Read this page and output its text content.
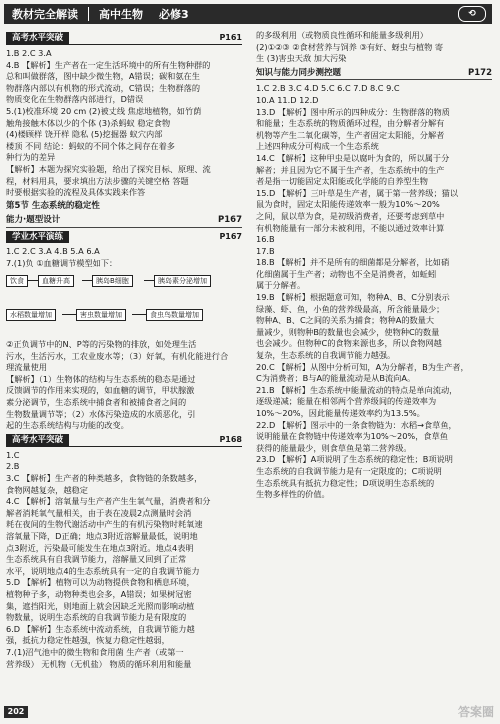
教材完全解读 高中生物 必修3	⟲
高考水平突破	P161

1.B 2.C 3.A

4.B 【解析】生产者在一定生活环境中的所有生物种群的

总和叫做群落，图中缺少微生物，A错误；碳和氨在生

物群落内部以有机物的形式流动，C错误；生物群落的

物质变化在生物群落内部进行，D错误

5.(1)校准环境 20 cm (2)被丈线 焦虑地植物，如竹荫

触角接触木体以少的个体 (3)杀蚂蚁 稳定食物

(4)楼顾样 饶开样 隐私 (5)挖掘器 蚁穴内部

楼顶 不同 结论：蚂蚁的不同个体之间存在着多

种行为的差异

【解析】本题为探究实验题，给出了探究目标、原理、流

程，材料用具，要求填出方法步骤的关键空格 答题

时要根据实验的流程及具体实践来作答

第5节 生态系统的稳定性
能力·题型设计	P167
学业水平演练	P167

1.C 2.C 3.A 4.B 5.A 6.A

7.(1)负 ①血糖调节模型如下：

饮食	血糖升高	胰岛B细胞	胰岛素分泌增加
水稻数量增加	害虫数量增加	食虫鸟数量增加

②正负调节中的N、P等的污染物的排放，如处理生活

污水，生活污水，工农业废水等；（3）好氧，有机化能进行合

理流量使用

【解析】（1）生物体的结构与生态系统的稳态是通过

反馈调节的作用来实现的，如血糖的调节，甲状腺激

素分泌调节，生态系统中捕食者和被捕食者之间的

生物数量调节等；（2）水体污染造成的水质恶化，引

起的生态系统结构与功能的改变。

高考水平突破	P168

1.C

2.B

3.C 【解析】生产者的种类越多，食物链的条数越多，

食物网越复杂，越稳定

4.C 【解析】溶氧量与生产者产生生氧气量，消费者和分

解者消耗氧气量相关，由于表在凌晨2点测量时会消

耗在夜间的生物代谢活动中产生的有机污染物时耗氧速

溶氧量下降，D正确；地点3附近溶解量最低，说明地

点3附近，污染最可能发生在地点3附近。地点4表明

生态系统具有自我调节能力，溶解量又回到了正常

水平，说明地点4的生态系统具有一定的自我调节能力

5.D 【解析】植物可以为动物提供食物和栖息环境，

植物种子多，动物种类也会多，A错误；如果树冠密

集，遮挡阳光，则地面上就会因缺乏光照而影响动植

物数量，说明生态系统的自我调节能力是有限度的

6.D 【解析】生态系统中流动系统，自我调节能力越

强，抵抗力稳定性越强，恢复力稳定性越弱，

7.(1)沼气池中的微生物和食用菌 生产者（或第一

营养级） 无机物（无机盐） 物质的循环利用和能量

的多级利用（或物质良性循环和能量多级利用）

(2)①②③ ②食材营养与饲养 ③有好、蚜虫与植物 寄

生 (3)害虫天敌 加大污染

知识与能力同步测控题	P172

1.C 2.B 3.C 4.D 5.C 6.C 7.D 8.C 9.C

10.A 11.D 12.D

13.D 【解析】图中所示的四种成分：生物群落的物质

和能量；生态系统的物质循环过程，由分解者分解有

机物等产生二氧化碳等，生产者固定太阳能，分解者

上述四种成分可构成一个生态系统

14.C 【解析】这种甲虫是以腐叶为食的，所以属于分

解者；并且因为它不属于生产者，生态系统中的生产

者是指一切能固定太阳能或化学能的自养型生物

15.D 【解析】三叶草是生产者，属于第一营养级；猫以

鼠为食时，固定太阳能传递效率一般为10%～20%

之间，鼠以草为食，是初级消费者，还要考虑到草中

有机物能量有一部分未被利用，不能以通过效率计算

16.B

17.B

18.B 【解析】并不是所有的细菌都是分解者，比如硝

化细菌属于生产者；动物也不全是消费者，如蚯蚓

属于分解者。

19.B 【解析】根据题意可知，物种A、B、C分别表示

绿藻、虾、鱼，小鱼的营养级最高，所含能量最少；

物种A、B、C之间的关系为捕食；物种A的数量大

量减少，则物种B的数量也会减少，使物种C的数量

也会减少。但物种C的食物来源也多，所以食物网越

复杂，生态系统的自我调节能力越强。

20.C 【解析】从图中分析可知，A为分解者，B为生产者，

C为消费者；B与A的能量流动是从B流向A。

21.B 【解析】生态系统中能量流动的特点是单向流动，

逐级递减；能量在相邻两个营养级间的传递效率为

10%～20%，因此能量传递效率约为13.5%。

22.D 【解析】图示中的一条食物链为：水稻→食草鱼，

说明能量在食物链中传递效率为10%～20%，食草鱼

获得的能量最少，则食草鱼是第二营养级。

23.D 【解析】A项说明了生态系统的稳定性；B项说明

生态系统的自我调节能力是有一定限度的；C项说明

生态系统具有抵抗力稳定性；D项说明生态系统的

生物多样性的价值。

202	答案圈
